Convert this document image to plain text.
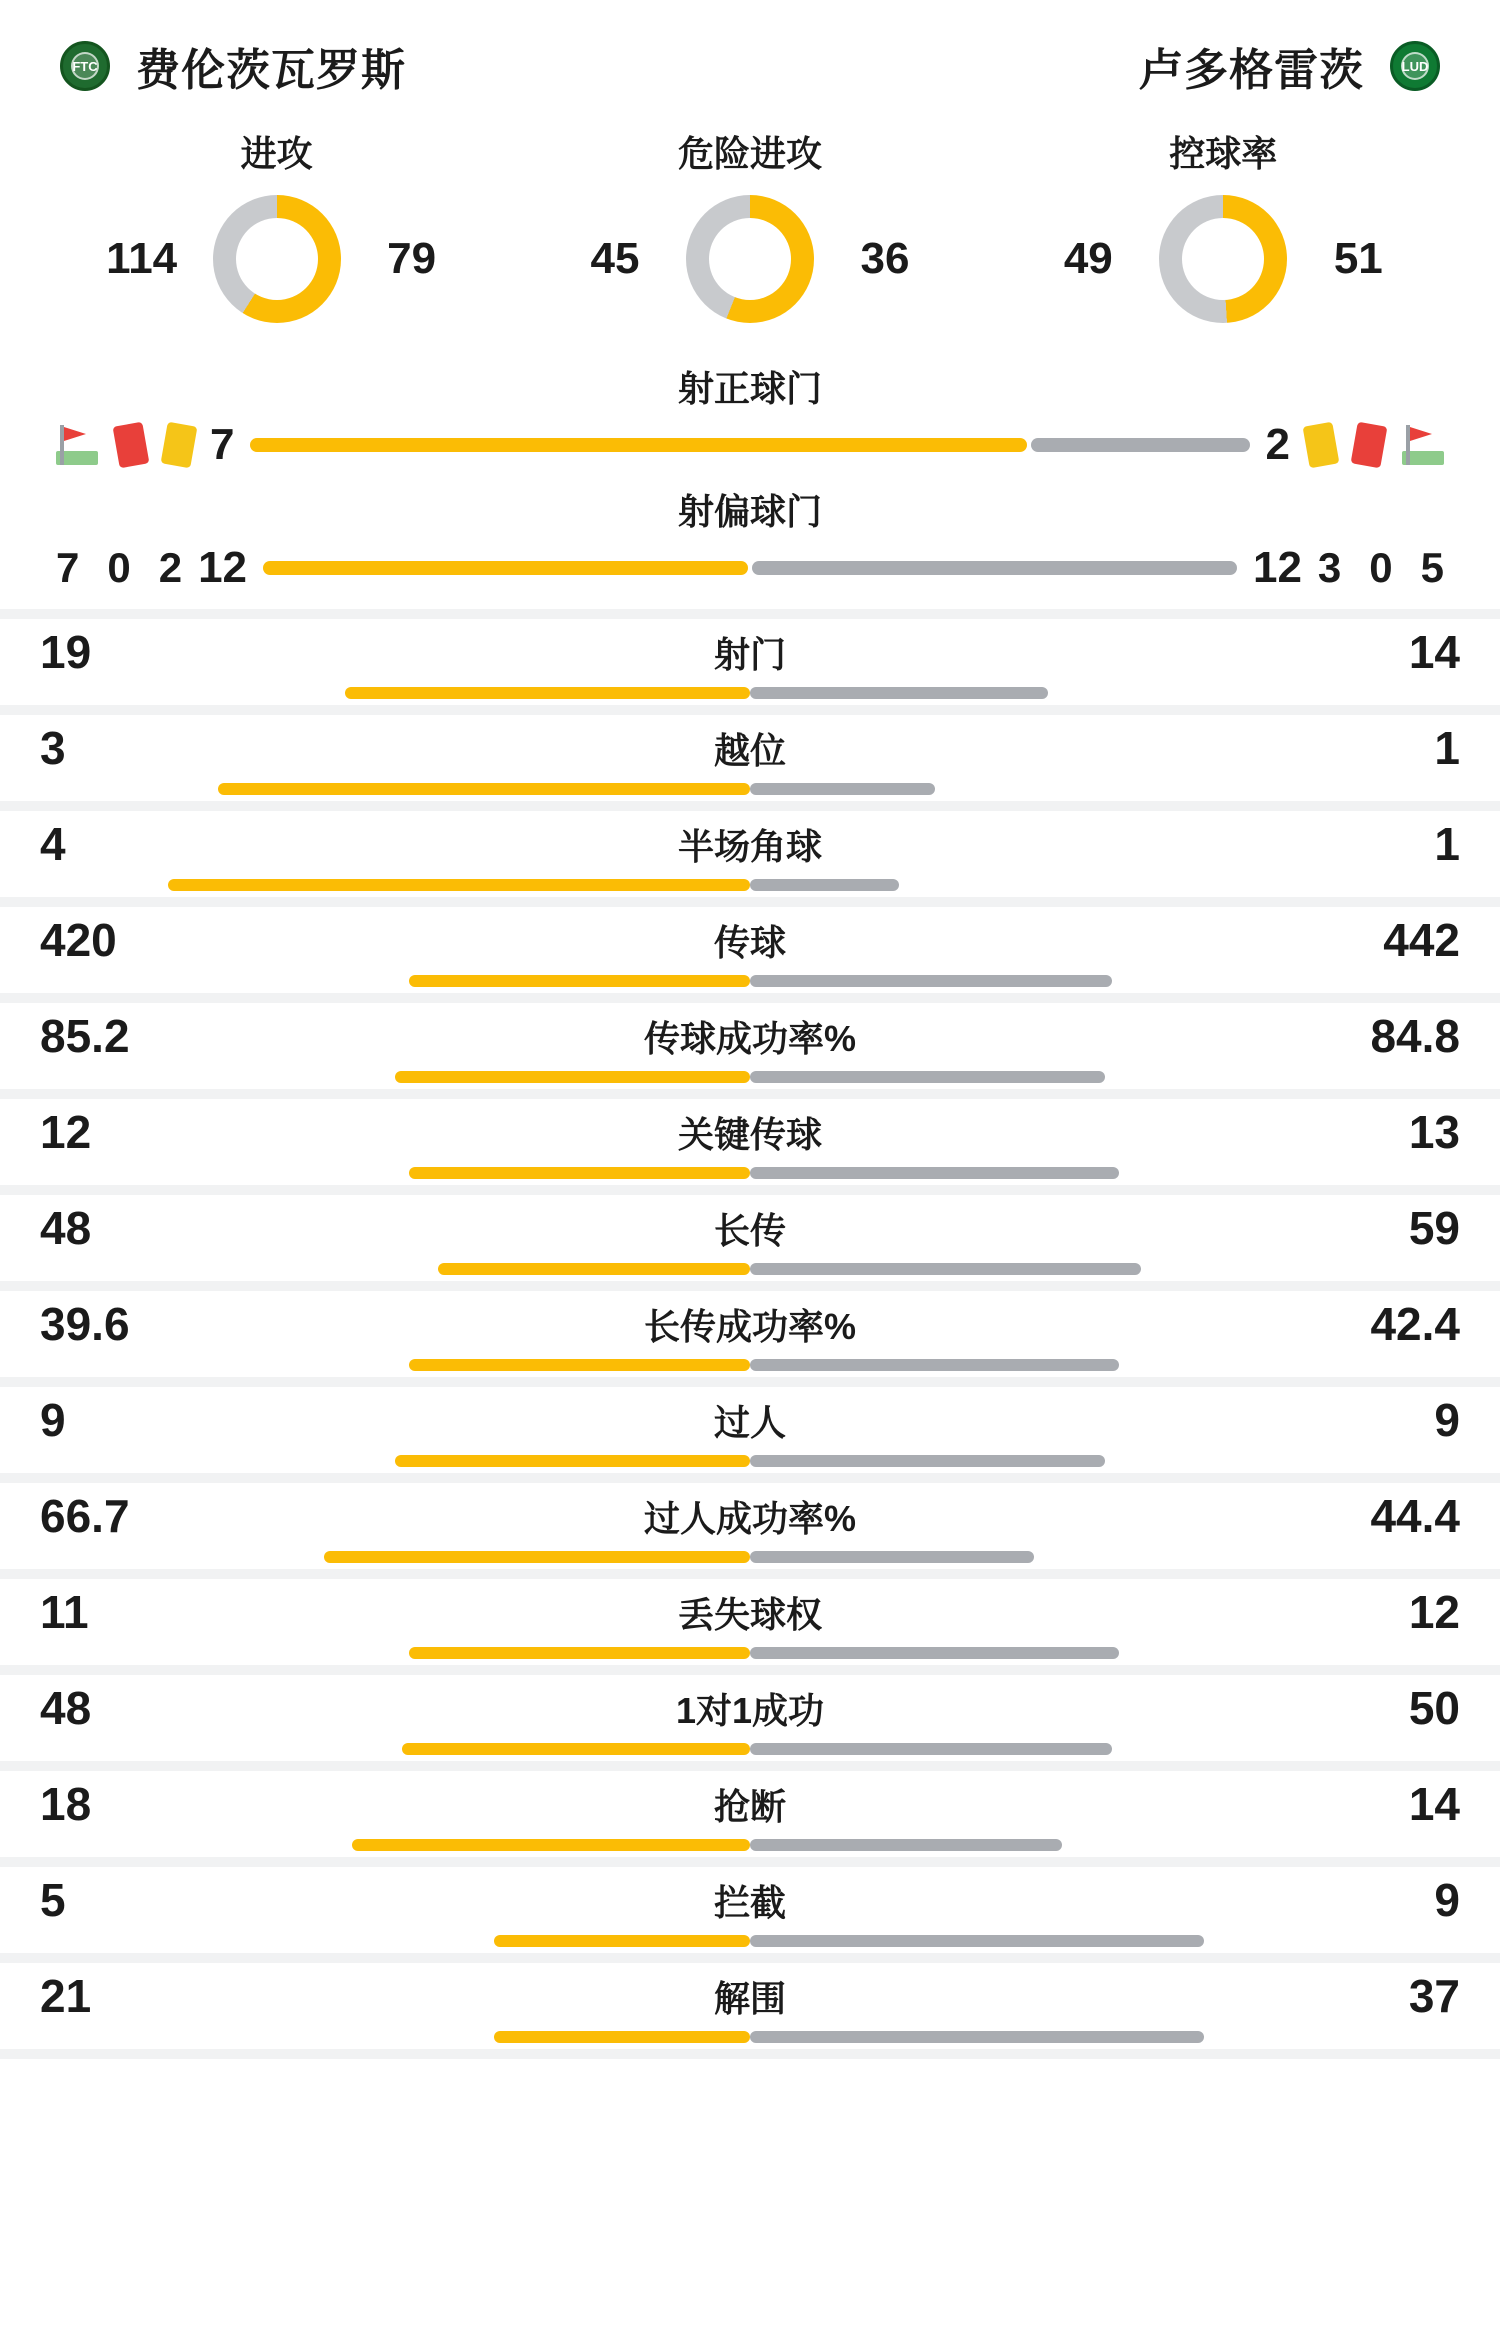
FTC 费伦茨瓦罗斯	卢多格雷茨	LUD
进攻
114	79
危险进攻
45	36
控球率
49	51
射正球门
7	2
射偏球门
7 0 2 12	12 3 0 5
19	射门	14
3	越位	1
4	半场角球	1
420	传球	442
85.2	传球成功率%	84.8
12	关键传球	13
48	长传	59
39.6	长传成功率%	42.4
9	过人	9
66.7	过人成功率%	44.4
11	丢失球权	12
48	1对1成功	50
18	抢断	14
5	拦截	9
21	解围	37
